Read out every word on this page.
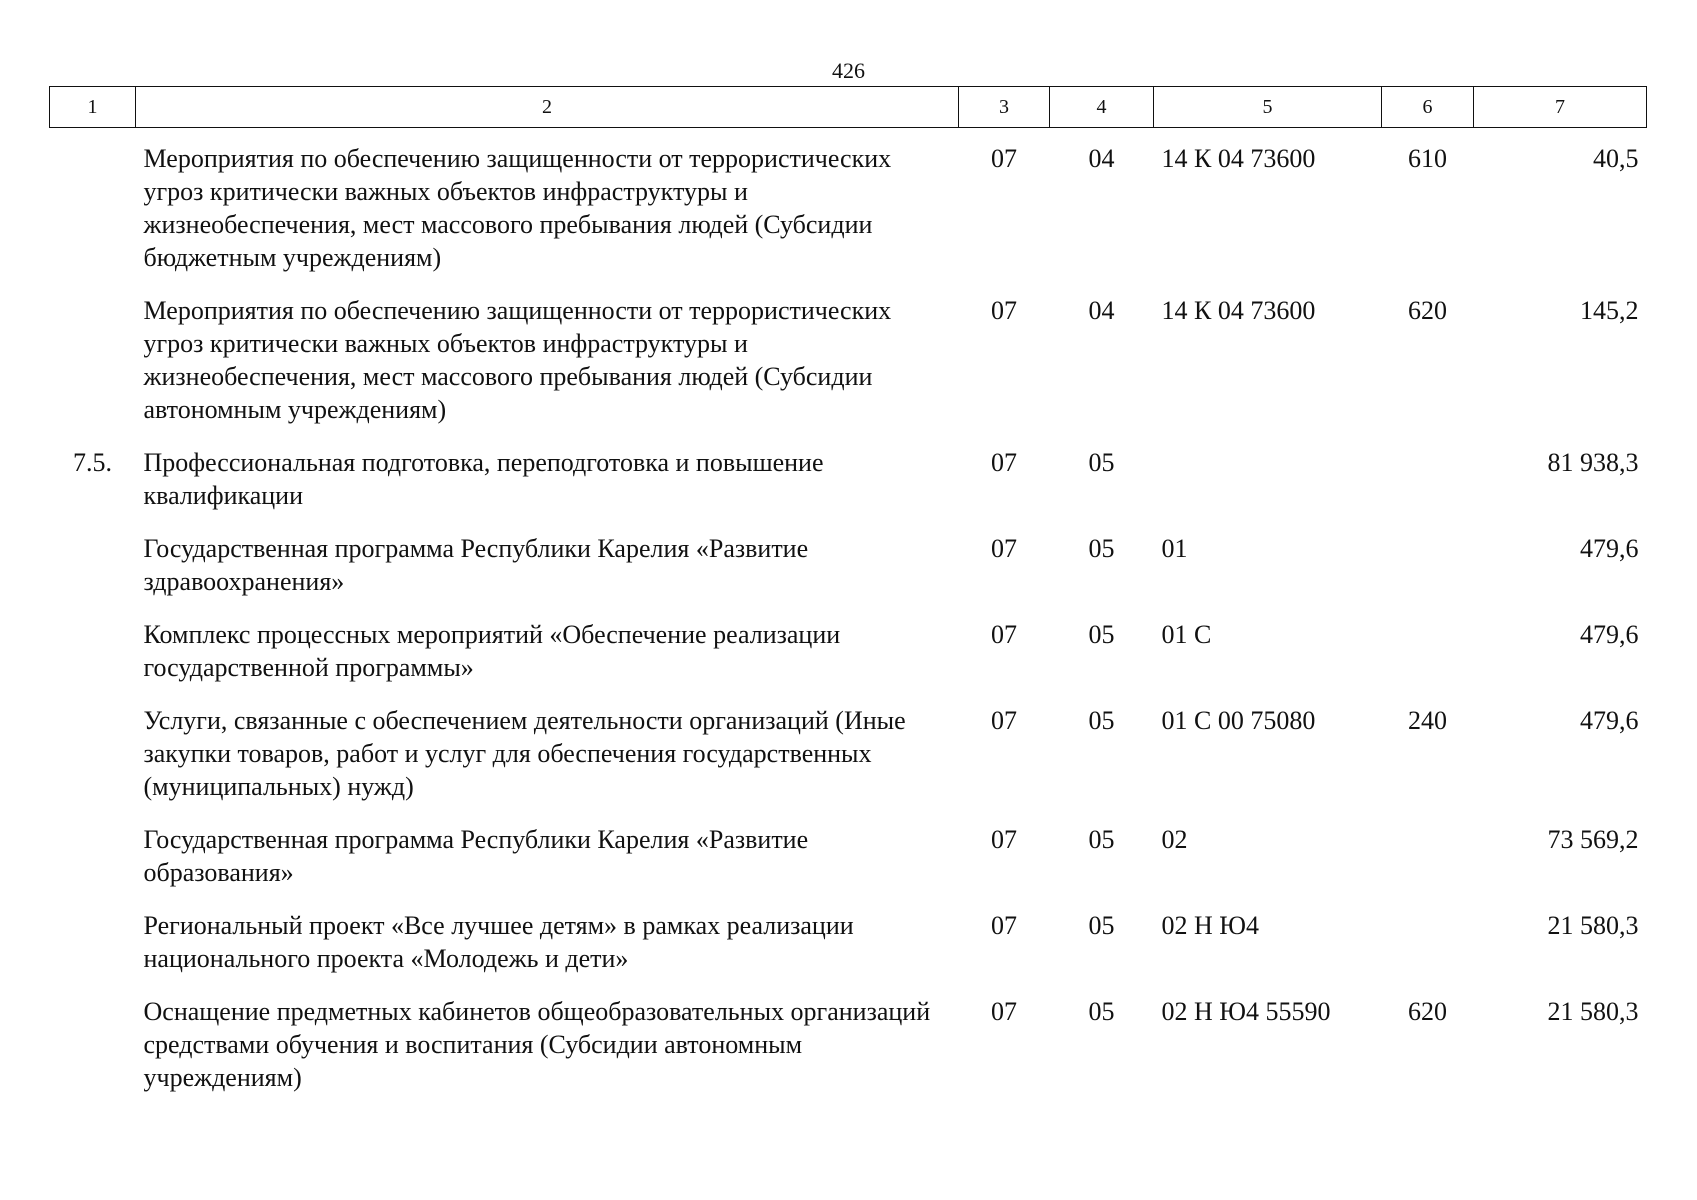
426
1	2	3	4	5	6	7
	Мероприятия по обеспечению защищенности от террористических угроз критически важных объектов инфраструктуры и жизнеобеспечения, мест массового пребывания людей (Субсидии бюджетным учреждениям)	07	04	14 К 04 73600	610	40,5
	Мероприятия по обеспечению защищенности от террористических угроз критически важных объектов инфраструктуры и жизнеобеспечения, мест массового пребывания людей (Субсидии автономным учреждениям)	07	04	14 К 04 73600	620	145,2
7.5.	Профессиональная подготовка, переподготовка и повышение квалификации	07	05			81 938,3
	Государственная программа Республики Карелия «Развитие здравоохранения»	07	05	01		479,6
	Комплекс процессных мероприятий «Обеспечение реализации государственной программы»	07	05	01 С		479,6
	Услуги, связанные с обеспечением деятельности организаций (Иные закупки товаров, работ и услуг для обеспечения государственных (муниципальных) нужд)	07	05	01 С 00 75080	240	479,6
	Государственная программа Республики Карелия «Развитие образования»	07	05	02		73 569,2
	Региональный проект «Все лучшее детям» в рамках реализации национального проекта «Молодежь и дети»	07	05	02 Н Ю4		21 580,3
	Оснащение предметных кабинетов общеобразовательных организаций средствами обучения и воспитания (Субсидии автономным учреждениям)	07	05	02 Н Ю4 55590	620	21 580,3
